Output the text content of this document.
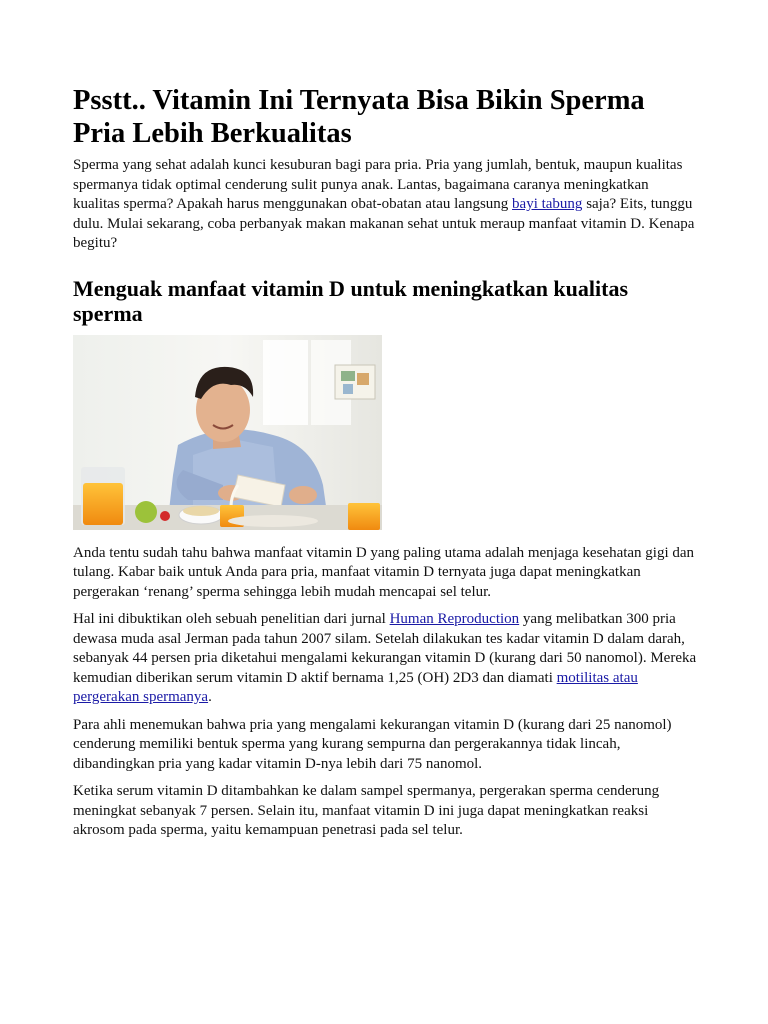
Psstt.. Vitamin Ini Ternyata Bisa Bikin Sperma Pria Lebih Berkualitas

Sperma yang sehat adalah kunci kesuburan bagi para pria. Pria yang jumlah, bentuk, maupun kualitas spermanya tidak optimal cenderung sulit punya anak. Lantas, bagaimana caranya meningkatkan kualitas sperma? Apakah harus menggunakan obat-obatan atau langsung bayi tabung saja? Eits, tunggu dulu. Mulai sekarang, coba perbanyak makan makanan sehat untuk meraup manfaat vitamin D. Kenapa begitu?

Menguak manfaat vitamin D untuk meningkatkan kualitas sperma

Anda tentu sudah tahu bahwa manfaat vitamin D yang paling utama adalah menjaga kesehatan gigi dan tulang. Kabar baik untuk Anda para pria, manfaat vitamin D ternyata juga dapat meningkatkan pergerakan ‘renang’ sperma sehingga lebih mudah mencapai sel telur.

Hal ini dibuktikan oleh sebuah penelitian dari jurnal Human Reproduction yang melibatkan 300 pria dewasa muda asal Jerman pada tahun 2007 silam. Setelah dilakukan tes kadar vitamin D dalam darah, sebanyak 44 persen pria diketahui mengalami kekurangan vitamin D (kurang dari 50 nanomol). Mereka kemudian diberikan serum vitamin D aktif bernama 1,25 (OH) 2D3 dan diamati motilitas atau pergerakan spermanya.

Para ahli menemukan bahwa pria yang mengalami kekurangan vitamin D (kurang dari 25 nanomol) cenderung memiliki bentuk sperma yang kurang sempurna dan pergerakannya tidak lincah, dibandingkan pria yang kadar vitamin D-nya lebih dari 75 nanomol.

Ketika serum vitamin D ditambahkan ke dalam sampel spermanya, pergerakan sperma cenderung meningkat sebanyak 7 persen. Selain itu, manfaat vitamin D ini juga dapat meningkatkan reaksi akrosom pada sperma, yaitu kemampuan penetrasi pada sel telur.
